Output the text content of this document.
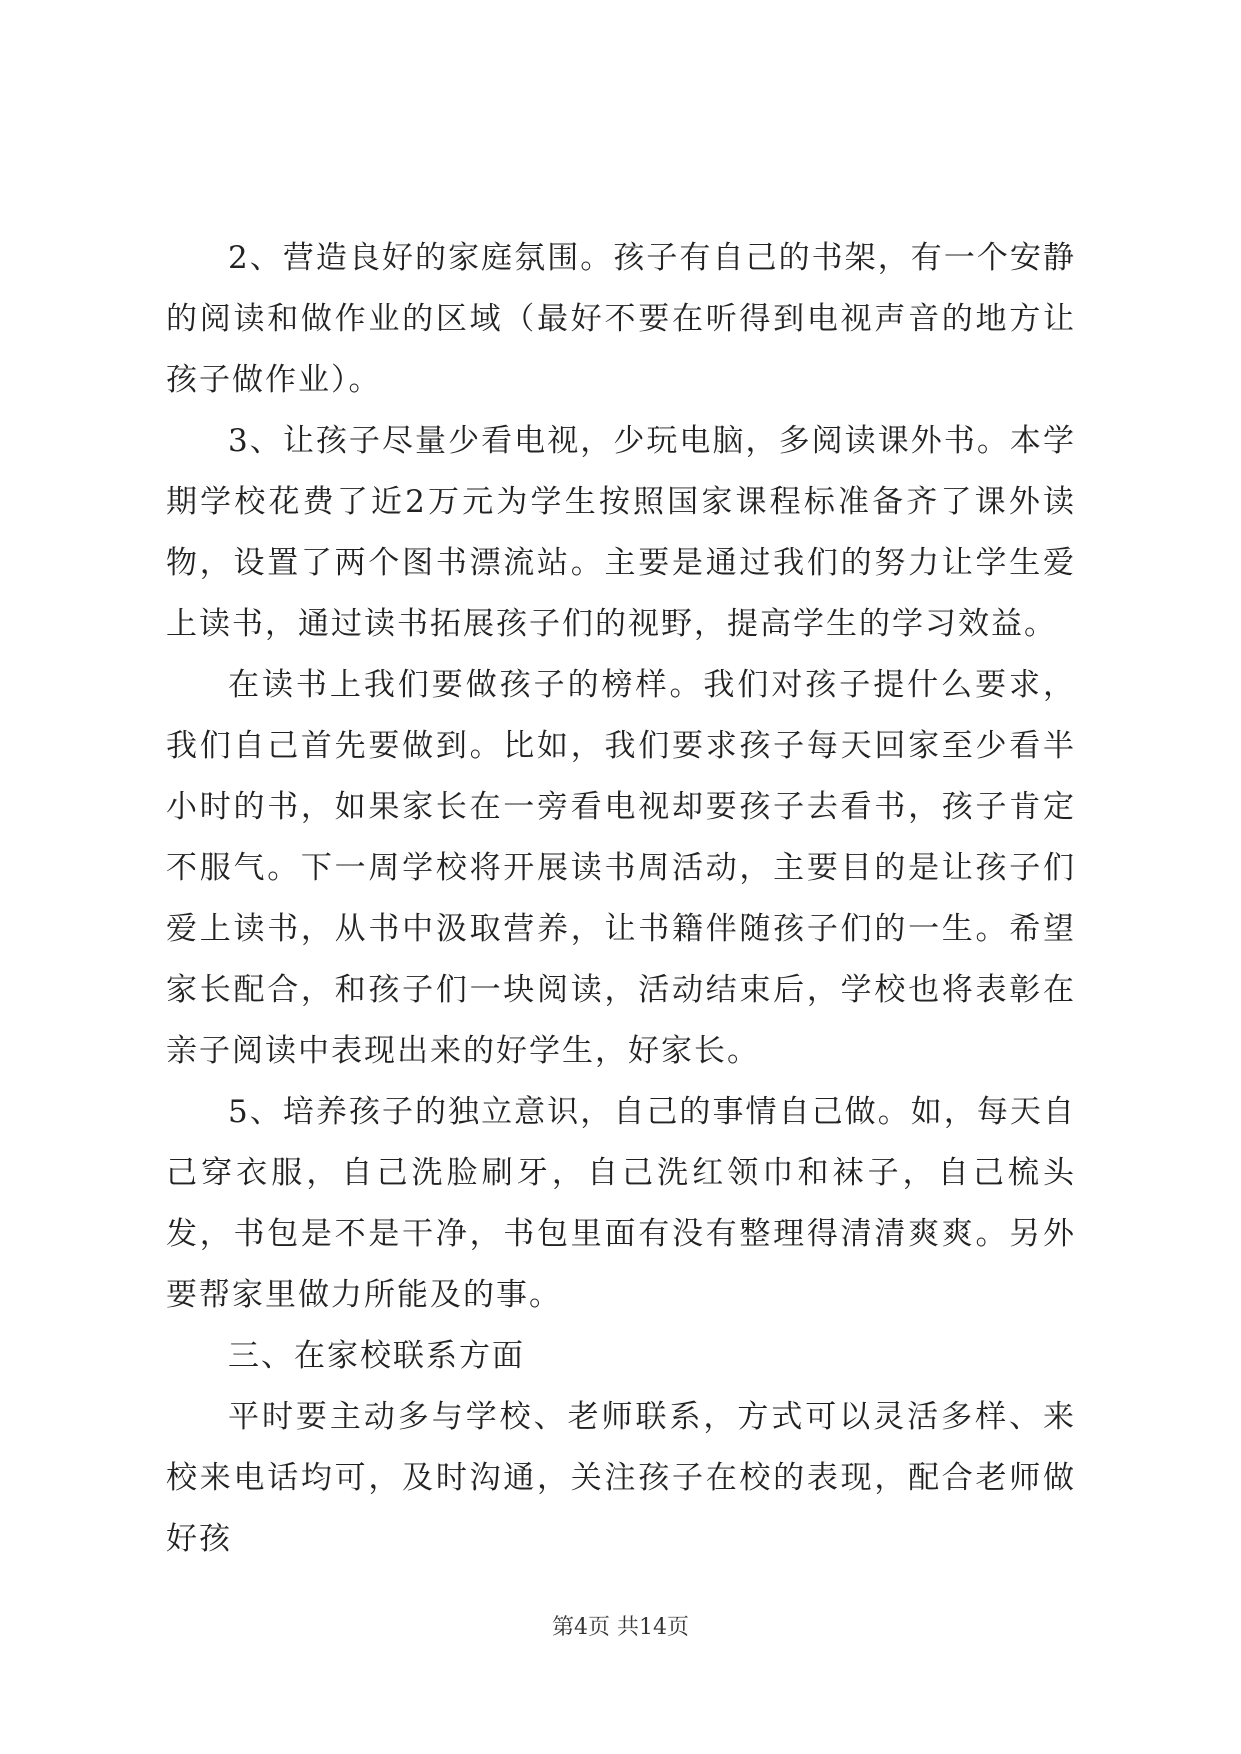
2、营造良好的家庭氛围。孩子有自己的书架，有一个安静的阅读和做作业的区域（最好不要在听得到电视声音的地方让孩子做作业）。

3、让孩子尽量少看电视，少玩电脑，多阅读课外书。本学期学校花费了近2万元为学生按照国家课程标准备齐了课外读物，设置了两个图书漂流站。主要是通过我们的努力让学生爱上读书，通过读书拓展孩子们的视野，提高学生的学习效益。

在读书上我们要做孩子的榜样。我们对孩子提什么要求，我们自己首先要做到。比如，我们要求孩子每天回家至少看半小时的书，如果家长在一旁看电视却要孩子去看书，孩子肯定不服气。下一周学校将开展读书周活动，主要目的是让孩子们爱上读书，从书中汲取营养，让书籍伴随孩子们的一生。希望家长配合，和孩子们一块阅读，活动结束后，学校也将表彰在亲子阅读中表现出来的好学生，好家长。

5、培养孩子的独立意识，自己的事情自己做。如，每天自己穿衣服，自己洗脸刷牙，自己洗红领巾和袜子，自己梳头发，书包是不是干净，书包里面有没有整理得清清爽爽。另外要帮家里做力所能及的事。

三、在家校联系方面

平时要主动多与学校、老师联系，方式可以灵活多样、来校来电话均可，及时沟通，关注孩子在校的表现，配合老师做好孩

第4页 共14页
